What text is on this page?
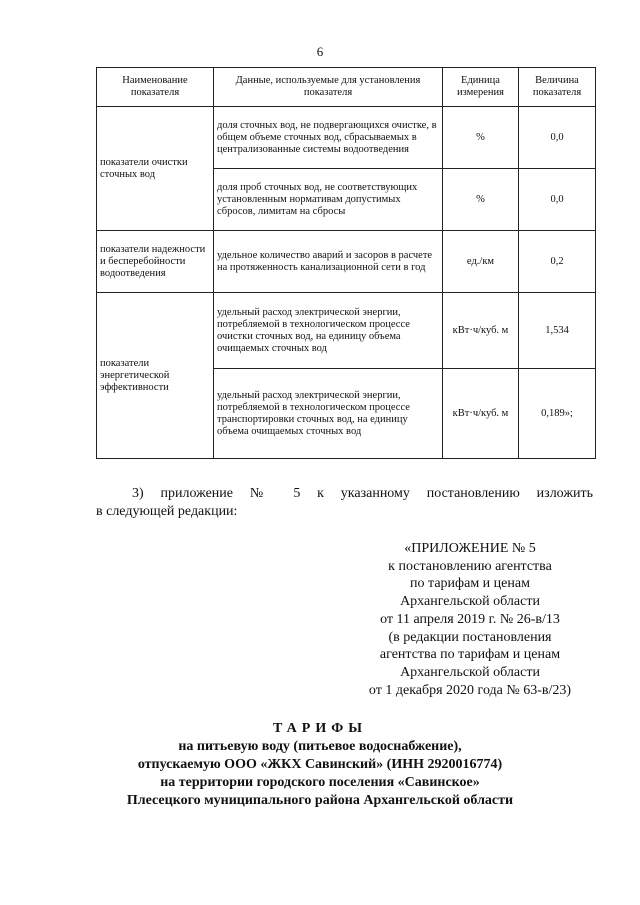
6
Наименование показателя	Данные, используемые для установления показателя	Единица измерения	Величина показателя
показатели очистки сточных вод	доля сточных вод, не подвергающихся очистке, в общем объеме сточных вод, сбрасываемых в централизованные системы водоотведения	%	0,0
	доля проб сточных вод, не соответствующих установленным нормативам допустимых сбросов, лимитам на сбросы	%	0,0
показатели надежности и бесперебойности водоотведения	удельное количество аварий и засоров в расчете на протяженность канализационной сети в год	ед./км	0,2
показатели энергетической эффективности	удельный расход электрической энергии, потребляемой в технологическом процессе очистки сточных вод, на единицу объема очищаемых сточных вод	кВт·ч/куб. м	1,534
	удельный расход электрической энергии, потребляемой в технологическом процессе транспортировки сточных вод, на единицу объема очищаемых сточных вод	кВт·ч/куб. м	0,189»;

3) приложение № 5 к указанному постановлению изложить
в следующей редакции:

«ПРИЛОЖЕНИЕ № 5
к постановлению агентства
по тарифам и ценам
Архангельской области
от 11 апреля 2019 г. № 26-в/13
(в редакции постановления
агентства по тарифам и ценам
Архангельской области
от 1 декабря 2020 года № 63-в/23)
ТАРИФЫ
на питьевую воду (питьевое водоснабжение),
отпускаемую ООО «ЖКХ Савинский» (ИНН 2920016774)
на территории городского поселения «Савинское»
Плесецкого муниципального района Архангельской области
